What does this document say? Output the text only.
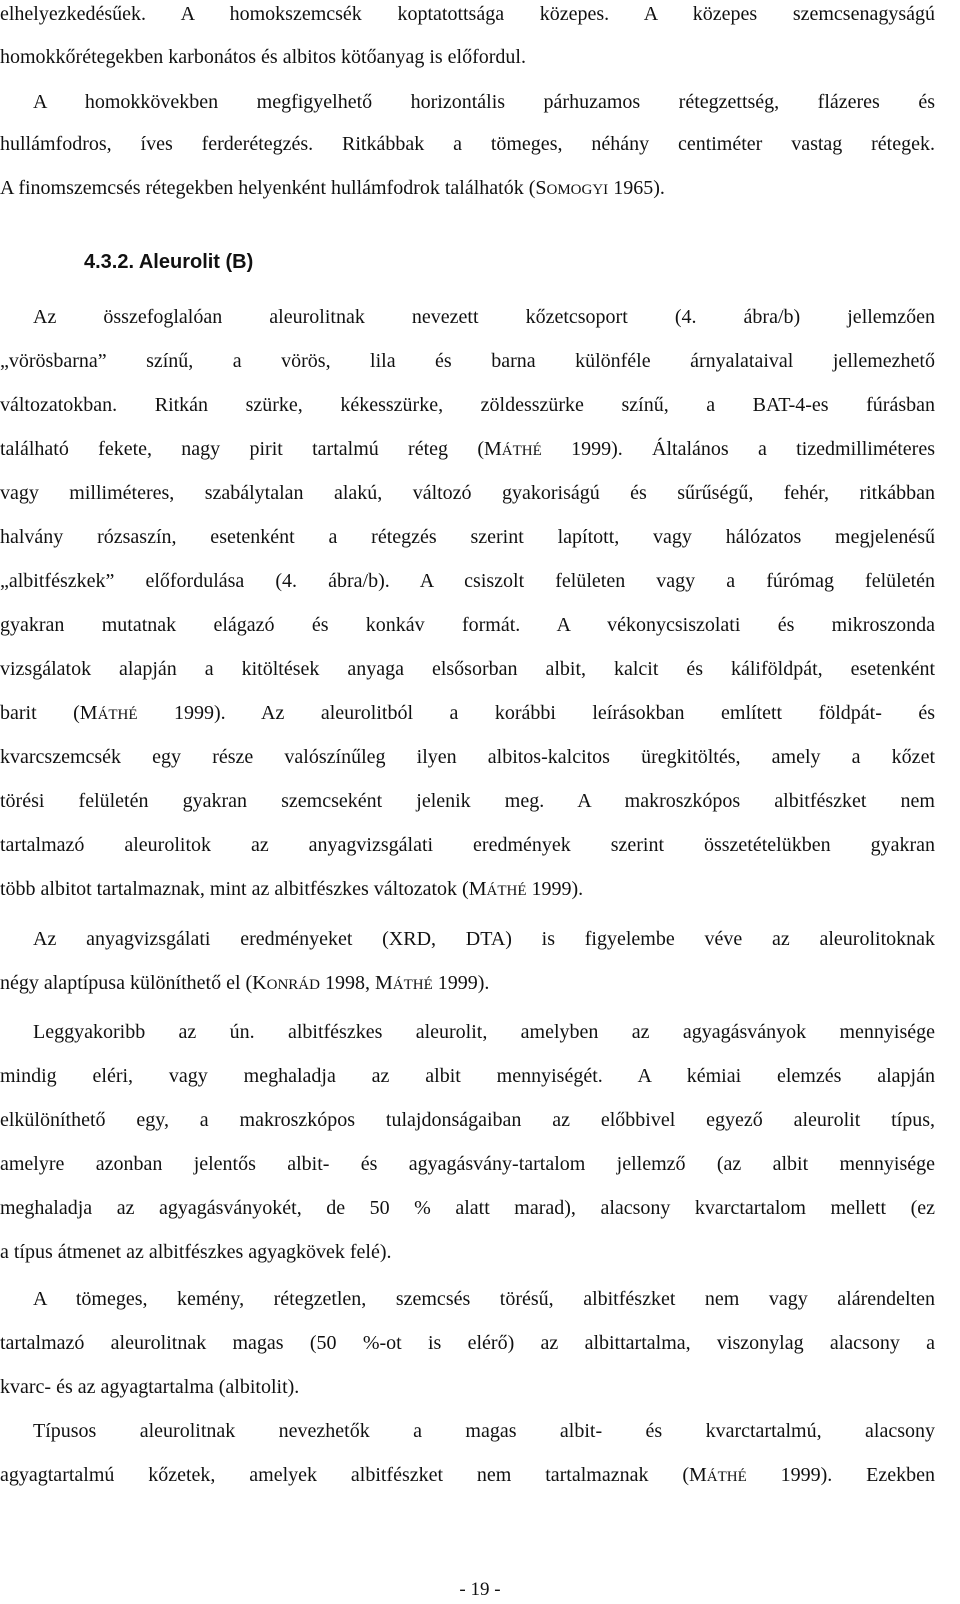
elhelyezkedésűek. A homokszemcsék koptatottsága közepes. A közepes szemcsenagyságú
homokkőrétegekben karbonátos és albitos kötőanyag is előfordul.
A homokkövekben megfigyelhető horizontális párhuzamos rétegzettség, flázeres és
hullámfodros, íves ferderétegzés. Ritkábbak a tömeges, néhány centiméter vastag rétegek.
A finomszemcsés rétegekben helyenként hullámfodrok találhatók (SOMOGYI 1965).
4.3.2. Aleurolit (B)
Az összefoglalóan aleurolitnak nevezett kőzetcsoport (4. ábra/b) jellemzően
„vörösbarna” színű, a vörös, lila és barna különféle árnyalataival jellemezhető
változatokban. Ritkán szürke, kékesszürke, zöldesszürke színű, a BAT-4-es fúrásban
található fekete, nagy pirit tartalmú réteg (MÁTHÉ 1999). Általános a tizedmilliméteres
vagy milliméteres, szabálytalan alakú, változó gyakoriságú és sűrűségű, fehér, ritkábban
halvány rózsaszín, esetenként a rétegzés szerint lapított, vagy hálózatos megjelenésű
„albitfészkek” előfordulása (4. ábra/b). A csiszolt felületen vagy a fúrómag felületén
gyakran mutatnak elágazó és konkáv formát. A vékonycsiszolati és mikroszonda
vizsgálatok alapján a kitöltések anyaga elsősorban albit, kalcit és káliföldpát, esetenként
barit (MÁTHÉ 1999). Az aleurolitból a korábbi leírásokban említett földpát- és
kvarcszemcsék egy része valószínűleg ilyen albitos-kalcitos üregkitöltés, amely a kőzet
törési felületén gyakran szemcseként jelenik meg. A makroszkópos albitfészket nem
tartalmazó aleurolitok az anyagvizsgálati eredmények szerint összetételükben gyakran
több albitot tartalmaznak, mint az albitfészkes változatok (MÁTHÉ 1999).
Az anyagvizsgálati eredményeket (XRD, DTA) is figyelembe véve az aleurolitoknak
négy alaptípusa különíthető el (KONRÁD 1998, MÁTHÉ 1999).
Leggyakoribb az ún. albitfészkes aleurolit, amelyben az agyagásványok mennyisége
mindig eléri, vagy meghaladja az albit mennyiségét. A kémiai elemzés alapján
elkülöníthető egy, a makroszkópos tulajdonságaiban az előbbivel egyező aleurolit típus,
amelyre azonban jelentős albit- és agyagásvány-tartalom jellemző (az albit mennyisége
meghaladja az agyagásványokét, de 50 % alatt marad), alacsony kvarctartalom mellett (ez
a típus átmenet az albitfészkes agyagkövek felé).
A tömeges, kemény, rétegzetlen, szemcsés törésű, albitfészket nem vagy alárendelten
tartalmazó aleurolitnak magas (50 %-ot is elérő) az albittartalma, viszonylag alacsony a
kvarc- és az agyagtartalma (albitolit).
Típusos aleurolitnak nevezhetők a magas albit- és kvarctartalmú, alacsony
agyagtartalmú kőzetek, amelyek albitfészket nem tartalmaznak (MÁTHÉ 1999). Ezekben
- 19 -
